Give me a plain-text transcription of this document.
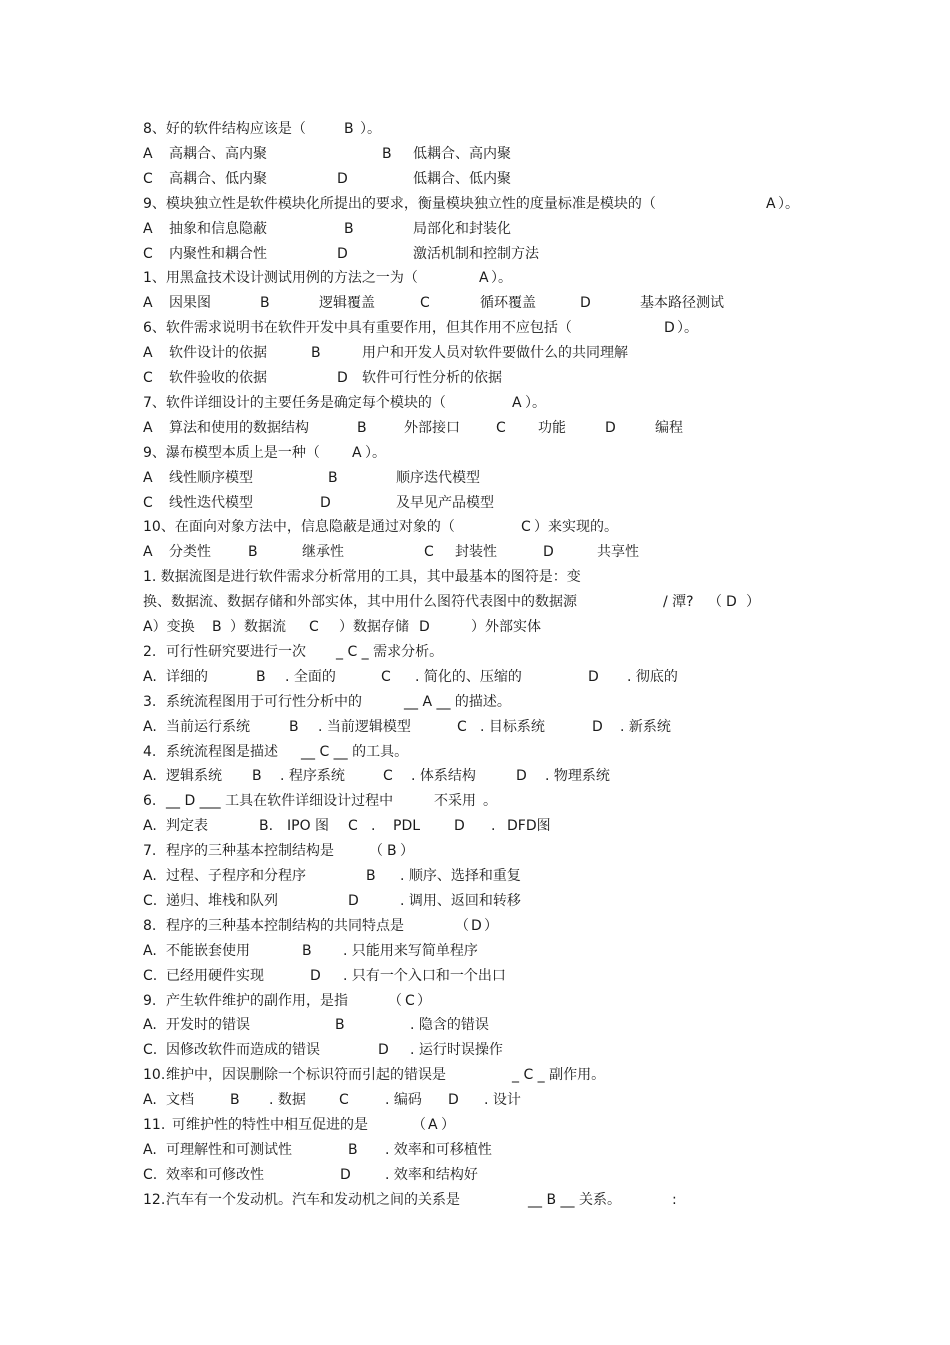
8、好的软件结构应该是（	B ）。
A 高耦合、高内聚	B 低耦合、高内聚
C 高耦合、低内聚	D	低耦合、低内聚
9、模块独立性是软件模块化所提出的要求，衡量模块独立性的度量标准是模块的（	A ）。
A 抽象和信息隐蔽	B	局部化和封装化
C 内聚性和耦合性	D	激活机制和控制方法
1、用黑盒技术设计测试用例的方法之一为（	A ）。
A 因果图	B	逻辑覆盖	C	循环覆盖	D	基本路径测试
6、软件需求说明书在软件开发中具有重要作用，但其作用不应包括（	D ）。
A 软件设计的依据	B	用户和开发人员对软件要做什么的共同理解
C 软件验收的依据	D 软件可行性分析的依据
7、软件详细设计的主要任务是确定每个模块的（	A ）。
A 算法和使用的数据结构	B	外部接口	C 功能	D	编程
9、瀑布模型本质上是一种（ A ）。
A 线性顺序模型	B	顺序迭代模型
C 线性迭代模型	D	及早见产品模型
10、在面向对象方法中，信息隐蔽是通过对象的（	C ）来实现的。
A 分类性	B	继承性	C 封装性	D	共享性
1. 数据流图是进行软件需求分析常用的工具，其中最基本的图符是：变
换、数据流、数据存储和外部实体，其中用什么图符代表图中的数据源	/ 潭? （ D ）
A）变换 B ）数据流 C ）数据存储 D	）外部实体
2. 可行性研究要进行一次 _ C _ 需求分析。
A. 详细的	B . 全面的	C . 简化的、压缩的	D . 彻底的
3. 系统流程图用于可行性分析中的	__ A __ 的描述。
A. 当前运行系统	B . 当前逻辑模型	C . 目标系统	D . 新系统
4. 系统流程图是描述 __ C __ 的工具。
A. 逻辑系统 B . 程序系统	C . 体系结构	D . 物理系统
6. __ D ___ 工具在软件详细设计过程中	不采用 。
A. 判定表	B. IPO 图 C . PDL D . DFD图
7. 程序的三种基本控制结构是	（ B ）
A. 过程、子程序和分程序	B . 顺序、选择和重复
C. 递归、堆栈和队列	D	. 调用、返回和转移
8. 程序的三种基本控制结构的共同特点是	（ D ）
A. 不能嵌套使用	B . 只能用来写简单程序
C. 已经用硬件实现	D . 只有一个入口和一个出口
9. 产生软件维护的副作用，是指	（ C ）
A. 开发时的错误	B	. 隐含的错误
C. 因修改软件而造成的错误	D . 运行时误操作
10. 维护中，因误删除一个标识符而引起的错误是	_ C _ 副作用。
A. 文档	B . 数据 C	. 编码 D . 设计
11. 可维护性的特性中相互促进的是	（ A ）
A. 可理解性和可测试性	B . 效率和可移植性
C. 效率和可修改性	D . 效率和结构好
12. 汽车有一个发动机。汽车和发动机之间的关系是	__ B __ 关系。	:
